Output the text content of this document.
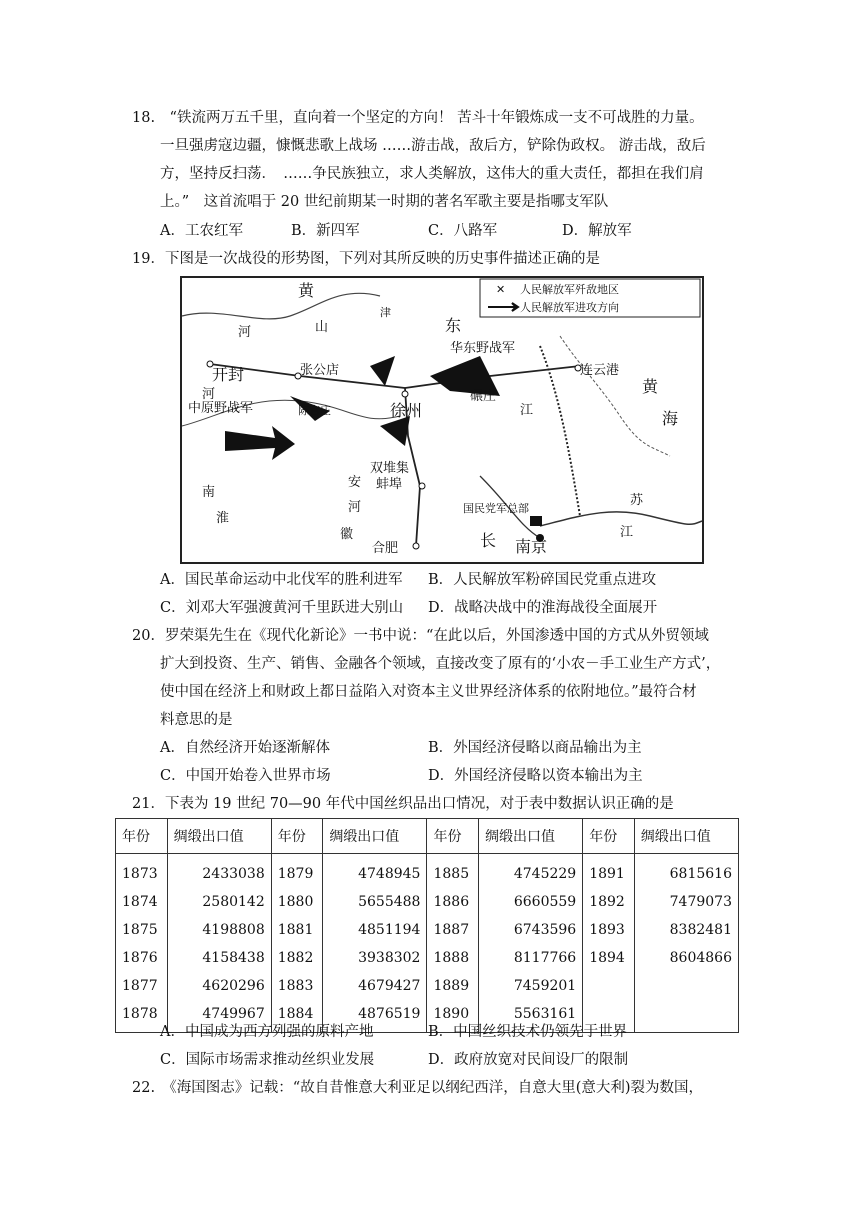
18.　“铁流两万五千里，直向着一个坚定的方向！ 苦斗十年锻炼成一支不可战胜的力量。
一旦强虏寇边疆，慷慨悲歌上战场 ……游击战，敌后方，铲除伪政权。 游击战，敌后
方，坚持反扫荡．　……争民族独立，求人类解放，这伟大的重大责任，都担在我们肩
上。”　这首流唱于 20 世纪前期某一时期的著名军歌主要是指哪支军队
A．工农红军	B．新四军	C．八路军	D．解放军
19．下图是一次战役的形势图，下列对其所反映的历史事件描述正确的是
✕ 人民解放军歼敌地区
人民解放军进攻方向
黄
河	山	东
津
开封	张公店
陈官庄	徐州
碾庄
连云港
华东野战军
中原野战军
河	黄
海
江
双堆集
蚌埠
安
河
南
淮
徽
合肥
苏
江
长 南京
国民党军总部
A．国民革命运动中北伐军的胜利进军 B．人民解放军粉碎国民党重点进攻
C．刘邓大军强渡黄河千里跃进大别山 D．战略决战中的淮海战役全面展开
20．罗荣渠先生在《现代化新论》一书中说：“在此以后，外国渗透中国的方式从外贸领域
扩大到投资、生产、销售、金融各个领域，直接改变了原有的‘小农－手工业生产方式’，
使中国在经济上和财政上都日益陷入对资本主义世界经济体系的依附地位。”最符合材
料意思的是
A．自然经济开始逐渐解体	B．外国经济侵略以商品输出为主
C．中国开始卷入世界市场	D．外国经济侵略以资本输出为主
21．下表为 19 世纪 70—90 年代中国丝织品出口情况，对于表中数据认识正确的是
年份	绸缎出口值	年份	绸缎出口值	年份	绸缎出口值	年份	绸缎出口值
1873	2433038	1879	4748945	1885	4745229	1891	6815616
1874	2580142	1880	5655488	1886	6660559	1892	7479073
1875	4198808	1881	4851194	1887	6743596	1893	8382481
1876	4158438	1882	3938302	1888	8117766	1894	8604866
1877	4620296	1883	4679427	1889	7459201		
1878	4749967	1884	4876519	1890	5563161		
A．中国成为西方列强的原料产地	B．中国丝织技术仍领先于世界
C．国际市场需求推动丝织业发展	D．政府放宽对民间设厂的限制
22.　《海国图志》记载：“故自昔惟意大利亚足以纲纪西洋，自意大里(意大利)裂为数国，
